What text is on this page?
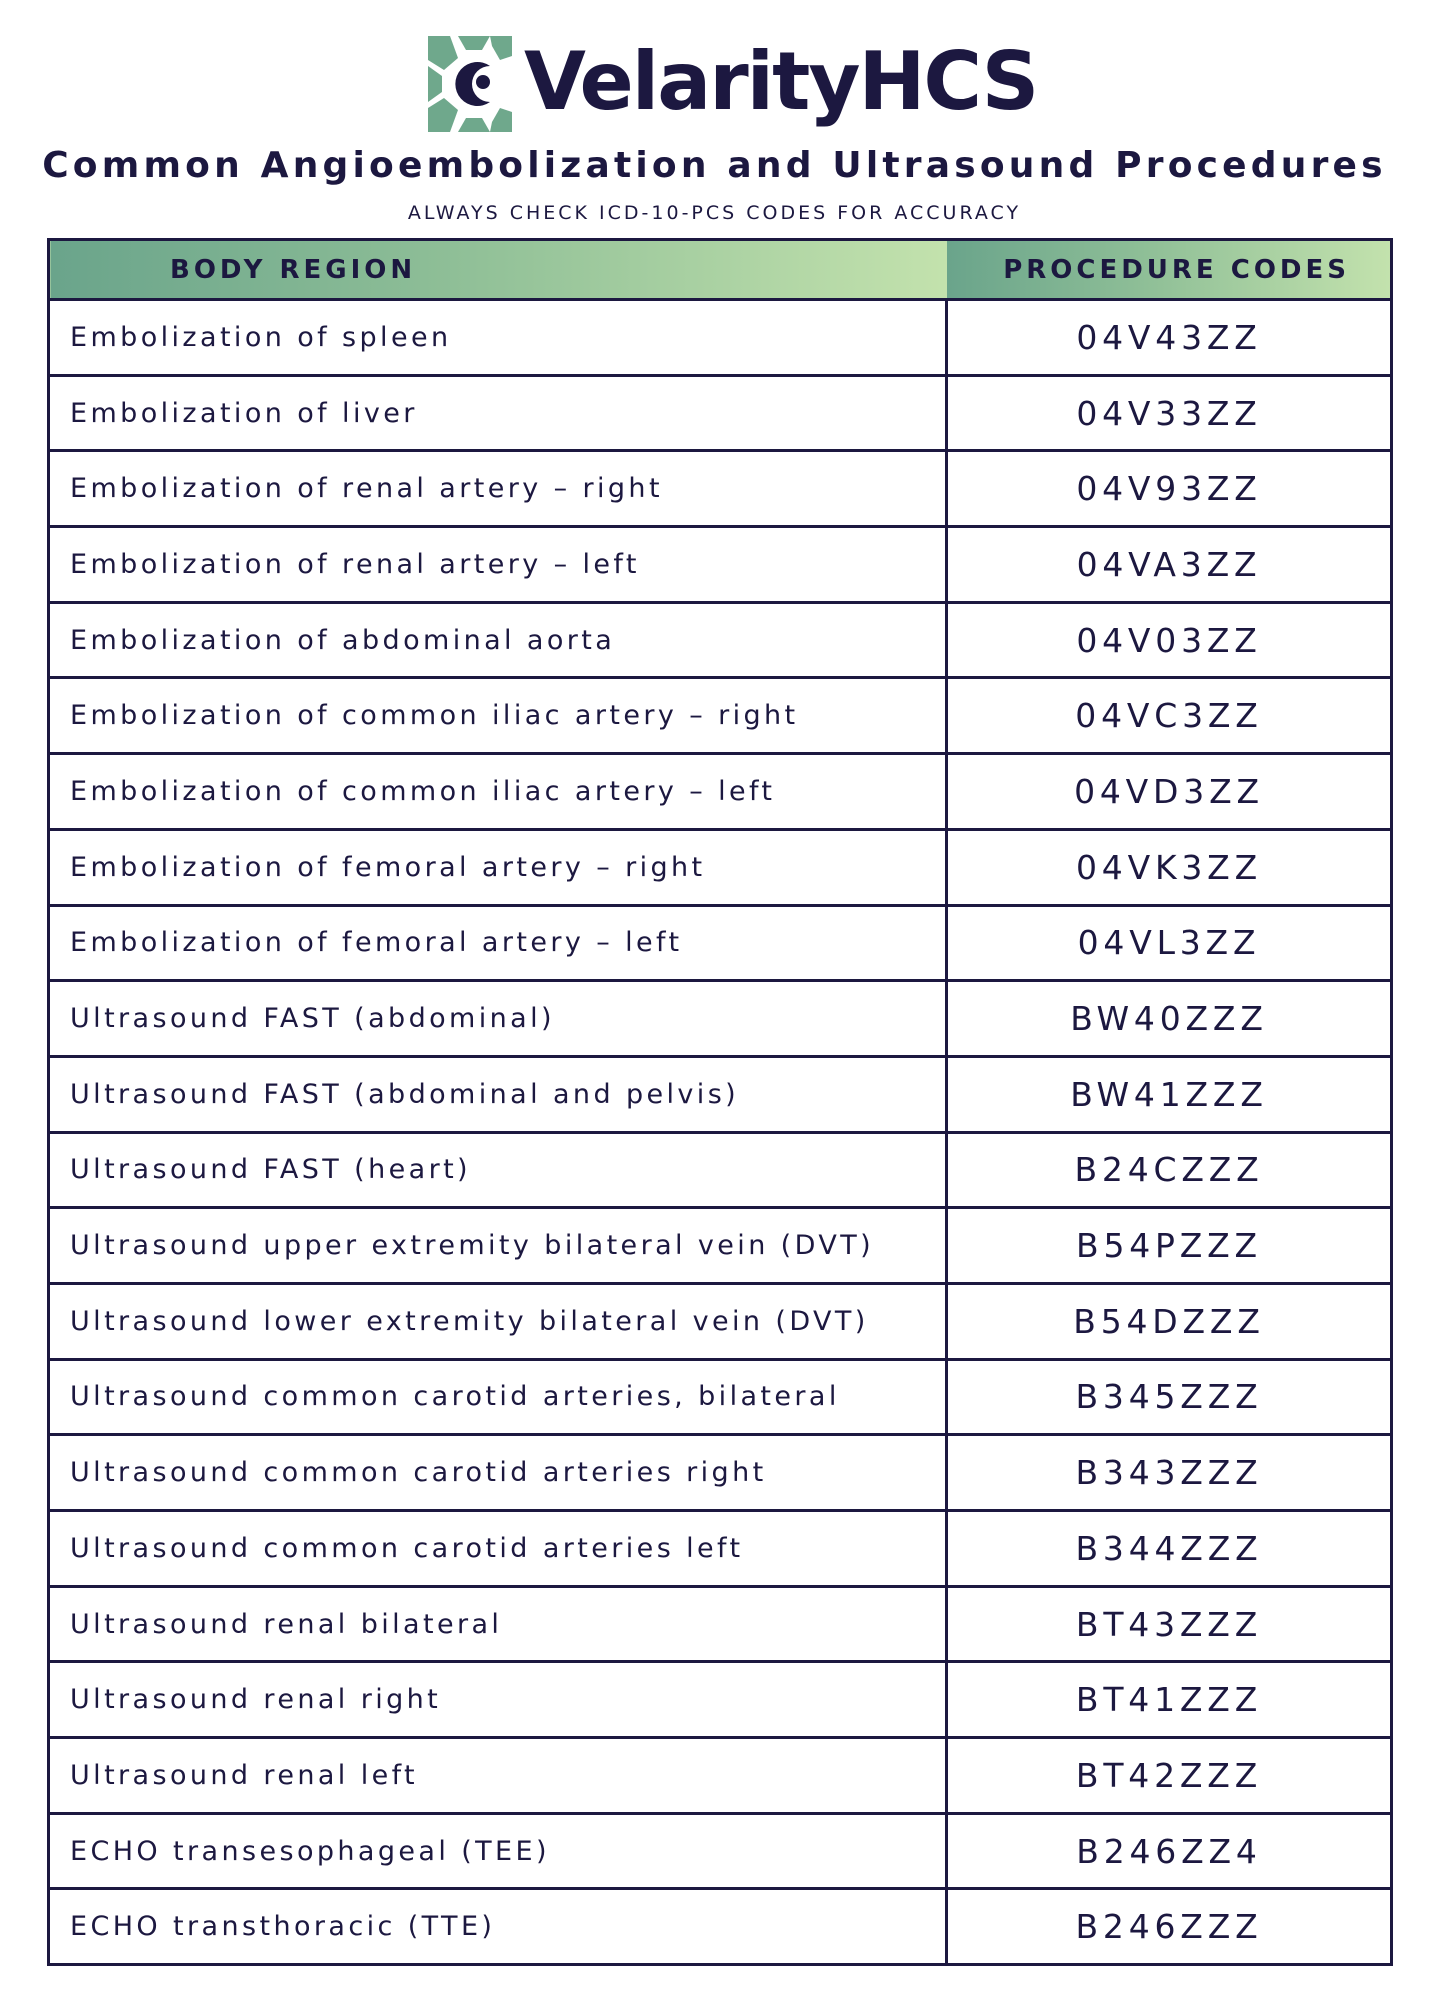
VelarityHCS
Common Angioembolization and Ultrasound Procedures
ALWAYS CHECK ICD-10-PCS CODES FOR ACCURACY
BODY REGION	PROCEDURE CODES
Embolization of spleen	04V43ZZ
Embolization of liver	04V33ZZ
Embolization of renal artery – right	04V93ZZ
Embolization of renal artery – left	04VA3ZZ
Embolization of abdominal aorta	04V03ZZ
Embolization of common iliac artery – right	04VC3ZZ
Embolization of common iliac artery – left	04VD3ZZ
Embolization of femoral artery – right	04VK3ZZ
Embolization of femoral artery – left	04VL3ZZ
Ultrasound FAST (abdominal)	BW40ZZZ
Ultrasound FAST (abdominal and pelvis)	BW41ZZZ
Ultrasound FAST (heart)	B24CZZZ
Ultrasound upper extremity bilateral vein (DVT)	B54PZZZ
Ultrasound lower extremity bilateral vein (DVT)	B54DZZZ
Ultrasound common carotid arteries, bilateral	B345ZZZ
Ultrasound common carotid arteries right	B343ZZZ
Ultrasound common carotid arteries left	B344ZZZ
Ultrasound renal bilateral	BT43ZZZ
Ultrasound renal right	BT41ZZZ
Ultrasound renal left	BT42ZZZ
ECHO transesophageal (TEE)	B246ZZ4
ECHO transthoracic (TTE)	B246ZZZ
